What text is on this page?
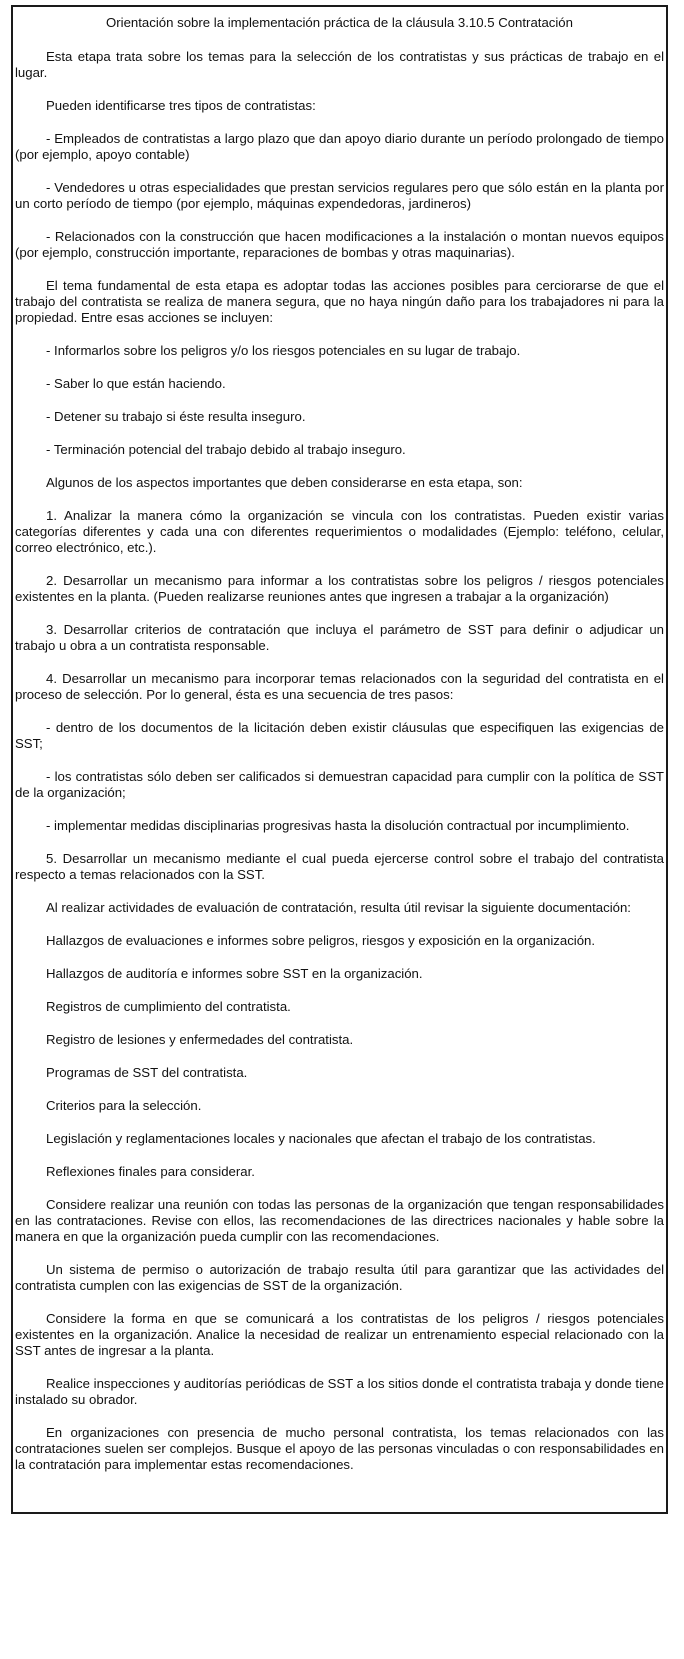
Orientación sobre la implementación práctica de la cláusula 3.10.5 Contratación

Esta etapa trata sobre los temas para la selección de los contratistas y sus prácticas de trabajo en el lugar.

Pueden identificarse tres tipos de contratistas:

- Empleados de contratistas a largo plazo que dan apoyo diario durante un período prolongado de tiempo (por ejemplo, apoyo contable)

- Vendedores u otras especialidades que prestan servicios regulares pero que sólo están en la planta por un corto período de tiempo (por ejemplo, máquinas expendedoras, jardineros)

- Relacionados con la construcción que hacen modificaciones a la instalación o montan nuevos equipos (por ejemplo, construcción importante, reparaciones de bombas y otras maquinarias).

El tema fundamental de esta etapa es adoptar todas las acciones posibles para cerciorarse de que el trabajo del contratista se realiza de manera segura, que no haya ningún daño para los trabajadores ni para la propiedad. Entre esas acciones se incluyen:

- Informarlos sobre los peligros y/o los riesgos potenciales en su lugar de trabajo.

- Saber lo que están haciendo.

- Detener su trabajo si éste resulta inseguro.

- Terminación potencial del trabajo debido al trabajo inseguro.

Algunos de los aspectos importantes que deben considerarse en esta etapa, son:

1. Analizar la manera cómo la organización se vincula con los contratistas. Pueden existir varias categorías diferentes y cada una con diferentes requerimientos o modalidades (Ejemplo: teléfono, celular, correo electrónico, etc.).

2. Desarrollar un mecanismo para informar a los contratistas sobre los peligros / riesgos potenciales existentes en la planta. (Pueden realizarse reuniones antes que ingresen a trabajar a la organización)

3. Desarrollar criterios de contratación que incluya el parámetro de SST para definir o adjudicar un trabajo u obra a un contratista responsable.

4. Desarrollar un mecanismo para incorporar temas relacionados con la seguridad del contratista en el proceso de selección. Por lo general, ésta es una secuencia de tres pasos:

- dentro de los documentos de la licitación deben existir cláusulas que especifiquen las exigencias de SST;

- los contratistas sólo deben ser calificados si demuestran capacidad para cumplir con la política de SST de la organización;

- implementar medidas disciplinarias progresivas hasta la disolución contractual por incumplimiento.

5. Desarrollar un mecanismo mediante el cual pueda ejercerse control sobre el trabajo del contratista respecto a temas relacionados con la SST.

Al realizar actividades de evaluación de contratación, resulta útil revisar la siguiente documentación:

Hallazgos de evaluaciones e informes sobre peligros, riesgos y exposición en la organización.

Hallazgos de auditoría e informes sobre SST en la organización.

Registros de cumplimiento del contratista.

Registro de lesiones y enfermedades del contratista.

Programas de SST del contratista.

Criterios para la selección.

Legislación y reglamentaciones locales y nacionales que afectan el trabajo de los contratistas.

Reflexiones finales para considerar.

Considere realizar una reunión con todas las personas de la organización que tengan responsabilidades en las contrataciones. Revise con ellos, las recomendaciones de las directrices nacionales y hable sobre la manera en que la organización pueda cumplir con las recomendaciones.

Un sistema de permiso o autorización de trabajo resulta útil para garantizar que las actividades del contratista cumplen con las exigencias de SST de la organización.

Considere la forma en que se comunicará a los contratistas de los peligros / riesgos potenciales existentes en la organización. Analice la necesidad de realizar un entrenamiento especial relacionado con la SST antes de ingresar a la planta.

Realice inspecciones y auditorías periódicas de SST a los sitios donde el contratista trabaja y donde tiene instalado su obrador.

En organizaciones con presencia de mucho personal contratista, los temas relacionados con las contrataciones suelen ser complejos. Busque el apoyo de las personas vinculadas o con responsabilidades en la contratación para implementar estas recomendaciones.
